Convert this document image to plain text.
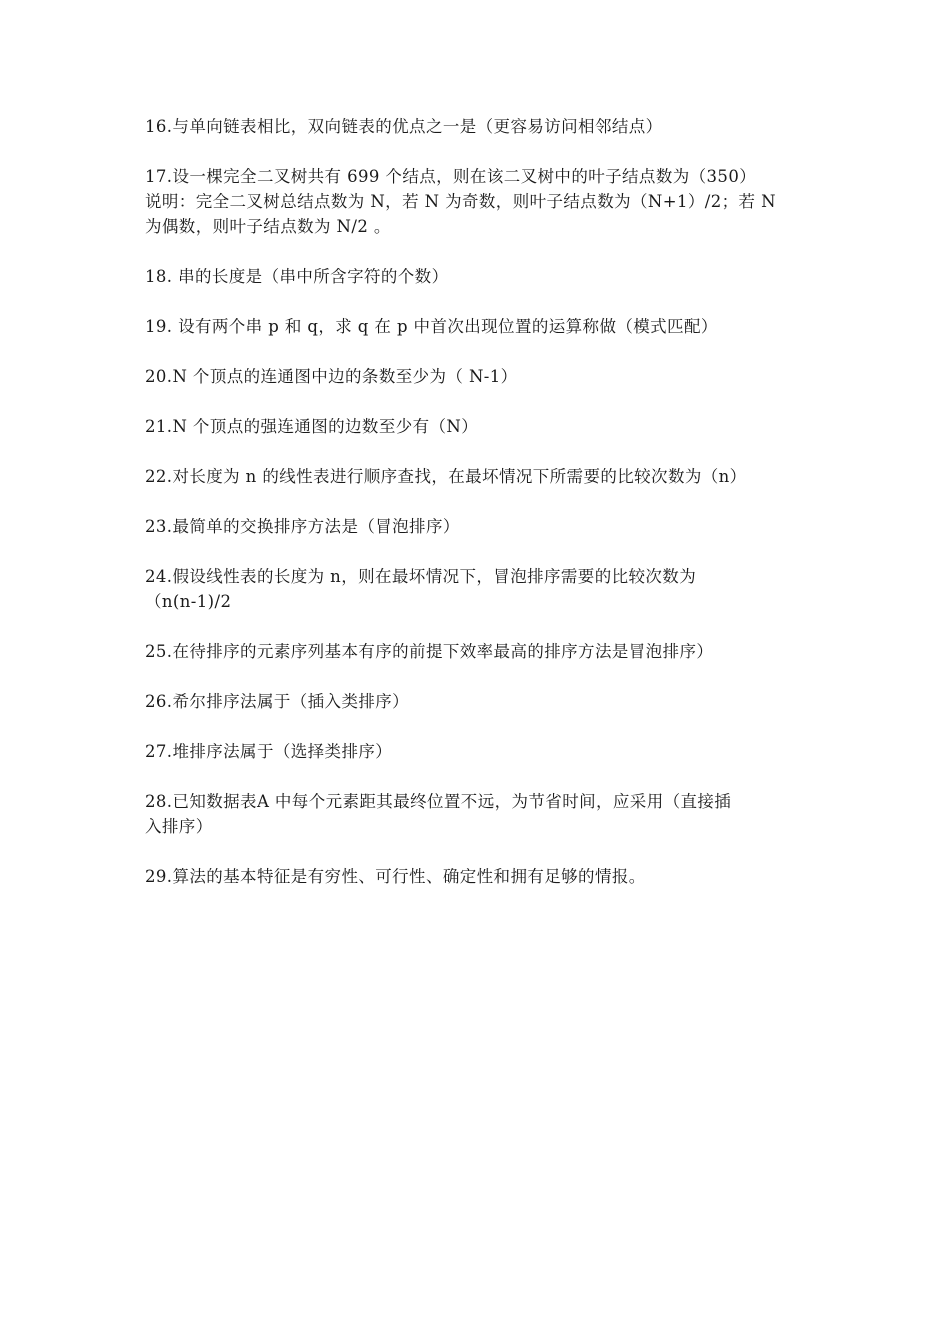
16.与单向链表相比，双向链表的优点之一是（更容易访问相邻结点）
17.设一棵完全二叉树共有 699 个结点，则在该二叉树中的叶子结点数为（350）
说明：完全二叉树总结点数为 N，若 N 为奇数，则叶子结点数为（N+1）/2；若 N
为偶数，则叶子结点数为 N/2 。
18. 串的长度是（串中所含字符的个数）
19. 设有两个串 p 和 q，求 q 在 p 中首次出现位置的运算称做（模式匹配）
20.N 个顶点的连通图中边的条数至少为（ N-1）
21.N 个顶点的强连通图的边数至少有（N）
22.对长度为 n 的线性表进行顺序查找，在最坏情况下所需要的比较次数为（n）
23.最简单的交换排序方法是（冒泡排序）
24.假设线性表的长度为 n，则在最坏情况下，冒泡排序需要的比较次数为
（n(n-1)/2
25.在待排序的元素序列基本有序的前提下效率最高的排序方法是冒泡排序）
26.希尔排序法属于（插入类排序）
27.堆排序法属于（选择类排序）
28.已知数据表A 中每个元素距其最终位置不远，为节省时间，应采用（直接插
入排序）
29.算法的基本特征是有穷性、可行性、确定性和拥有足够的情报。
